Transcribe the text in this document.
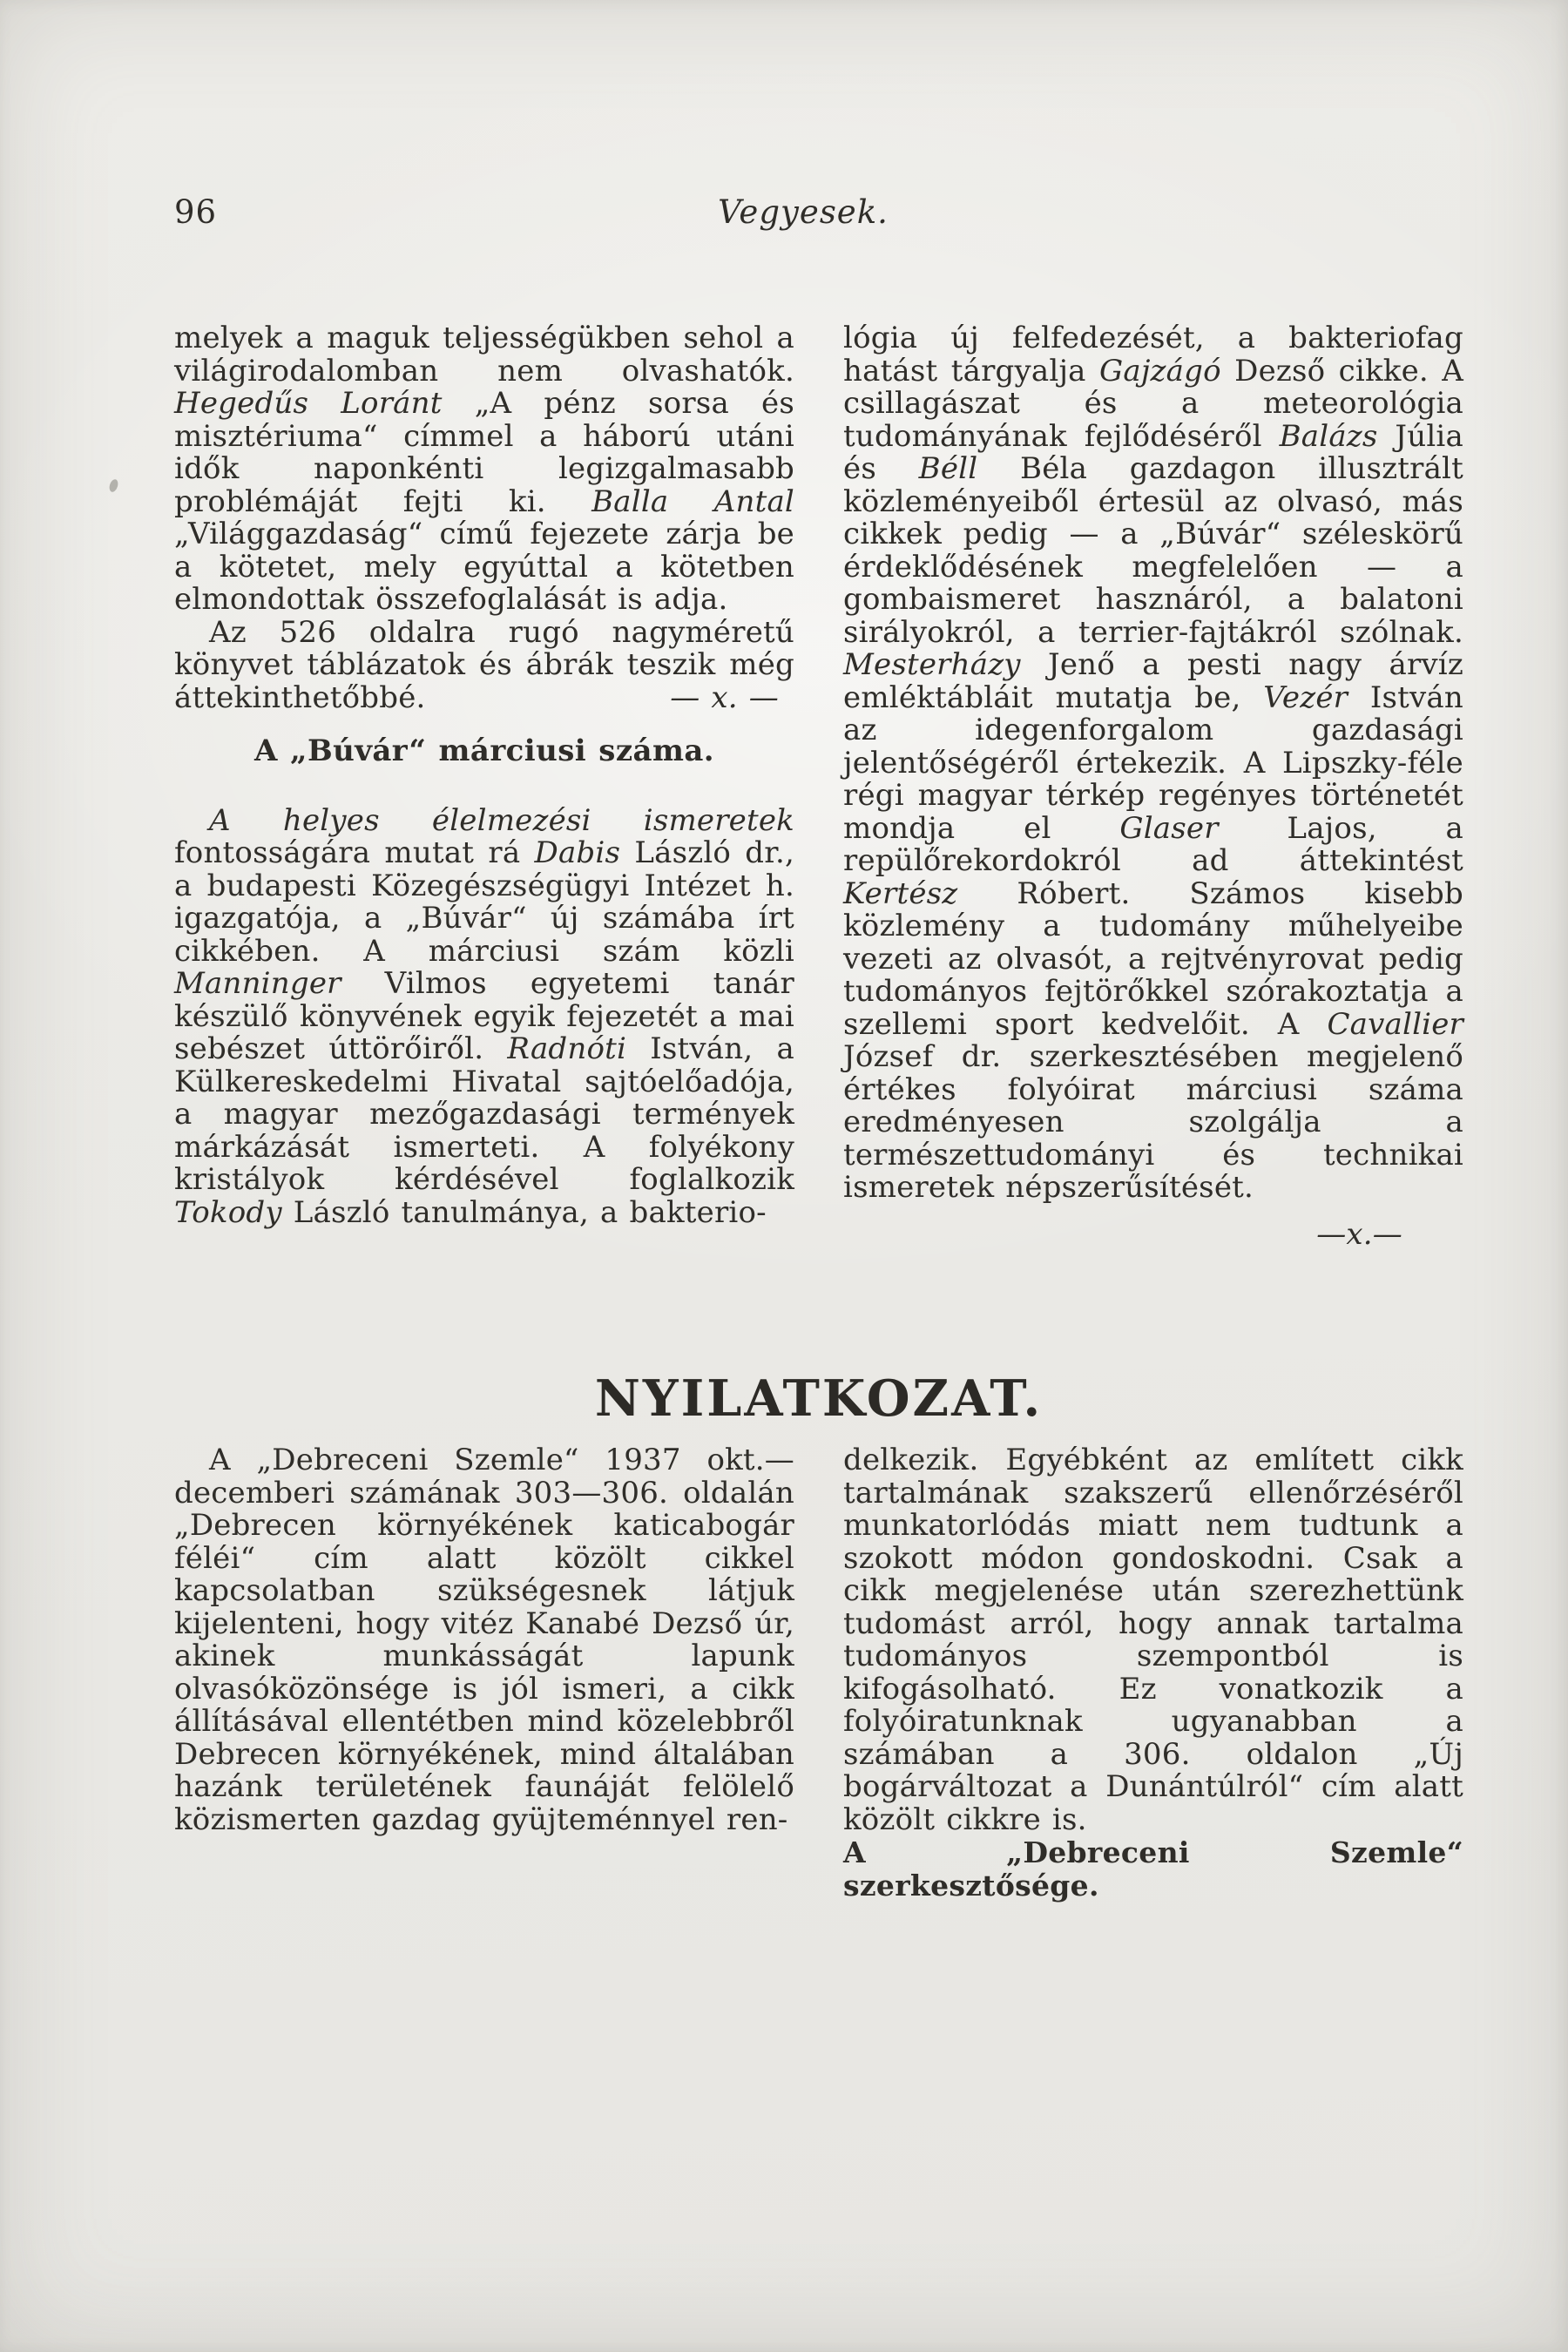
96	Vegyesek.

melyek a maguk teljességükben sehol a világirodalomban nem olvashatók. Hegedűs Loránt „A pénz sorsa és misztériuma“ címmel a háború utáni idők naponkénti legizgalmasabb problémáját fejti ki. Balla Antal „Világgazdaság“ című fejezete zárja be a kötetet, mely egyúttal a kötetben elmondottak összefoglalását is adja.

Az 526 oldalra rugó nagyméretű könyvet táblázatok és ábrák teszik még áttekinthetőbbé.	— x. —

A „Búvár“ márciusi száma.

A helyes élelmezési ismeretek fontosságára mutat rá Dabis László dr., a budapesti Közegészségügyi Intézet h. igazgatója, a „Búvár“ új számába írt cikkében. A márciusi szám közli Manninger Vilmos egyetemi tanár készülő könyvének egyik fejezetét a mai sebészet úttörőiről. Radnóti István, a Külkereskedelmi Hivatal sajtóelőadója, a magyar mezőgazdasági termények márkázását ismerteti. A folyékony kristályok kérdésével foglalkozik Tokody László tanulmánya, a bakterio-

lógia új felfedezését, a bakteriofag hatást tárgyalja Gajzágó Dezső cikke. A csillagászat és a meteorológia tudományának fejlődéséről Balázs Júlia és Béll Béla gazdagon illusztrált közleményeiből értesül az olvasó, más cikkek pedig — a „Búvár“ széleskörű érdeklődésének megfelelően — a gombaismeret hasznáról, a balatoni sirályokról, a terrier-fajtákról szólnak. Mesterházy Jenő a pesti nagy árvíz emléktábláit mutatja be, Vezér István az idegenforgalom gazdasági jelentőségéről értekezik. A Lipszky-féle régi magyar térkép regényes történetét mondja el Glaser Lajos, a repülőrekordokról ad áttekintést Kertész Róbert. Számos kisebb közlemény a tudomány műhelyeibe vezeti az olvasót, a rejtvényrovat pedig tudományos fejtörőkkel szórakoztatja a szellemi sport kedvelőit. A Cavallier József dr. szerkesztésében megjelenő értékes folyóirat márciusi száma eredményesen szolgálja a természettudományi és technikai ismeretek népszerűsítését.

—x.—
NYILATKOZAT.

A „Debreceni Szemle“ 1937 okt.—decemberi számának 303—306. oldalán „Debrecen környékének katicabogár féléi“ cím alatt közölt cikkel kapcsolatban szükségesnek látjuk kijelenteni, hogy vitéz Kanabé Dezső úr, akinek munkásságát lapunk olvasóközönsége is jól ismeri, a cikk állításával ellentétben mind közelebbről Debrecen környékének, mind általában hazánk területének faunáját felölelő közismerten gazdag gyüjteménnyel ren-

delkezik. Egyébként az említett cikk tartalmának szakszerű ellenőrzéséről munkatorlódás miatt nem tudtunk a szokott módon gondoskodni. Csak a cikk megjelenése után szerezhettünk tudomást arról, hogy annak tartalma tudományos szempontból is kifogásolható. Ez vonatkozik a folyóiratunknak ugyanabban a számában a 306. oldalon „Új bogárváltozat a Dunántúlról“ cím alatt közölt cikkre is.

A „Debreceni Szemle“ szerkesztősége.
